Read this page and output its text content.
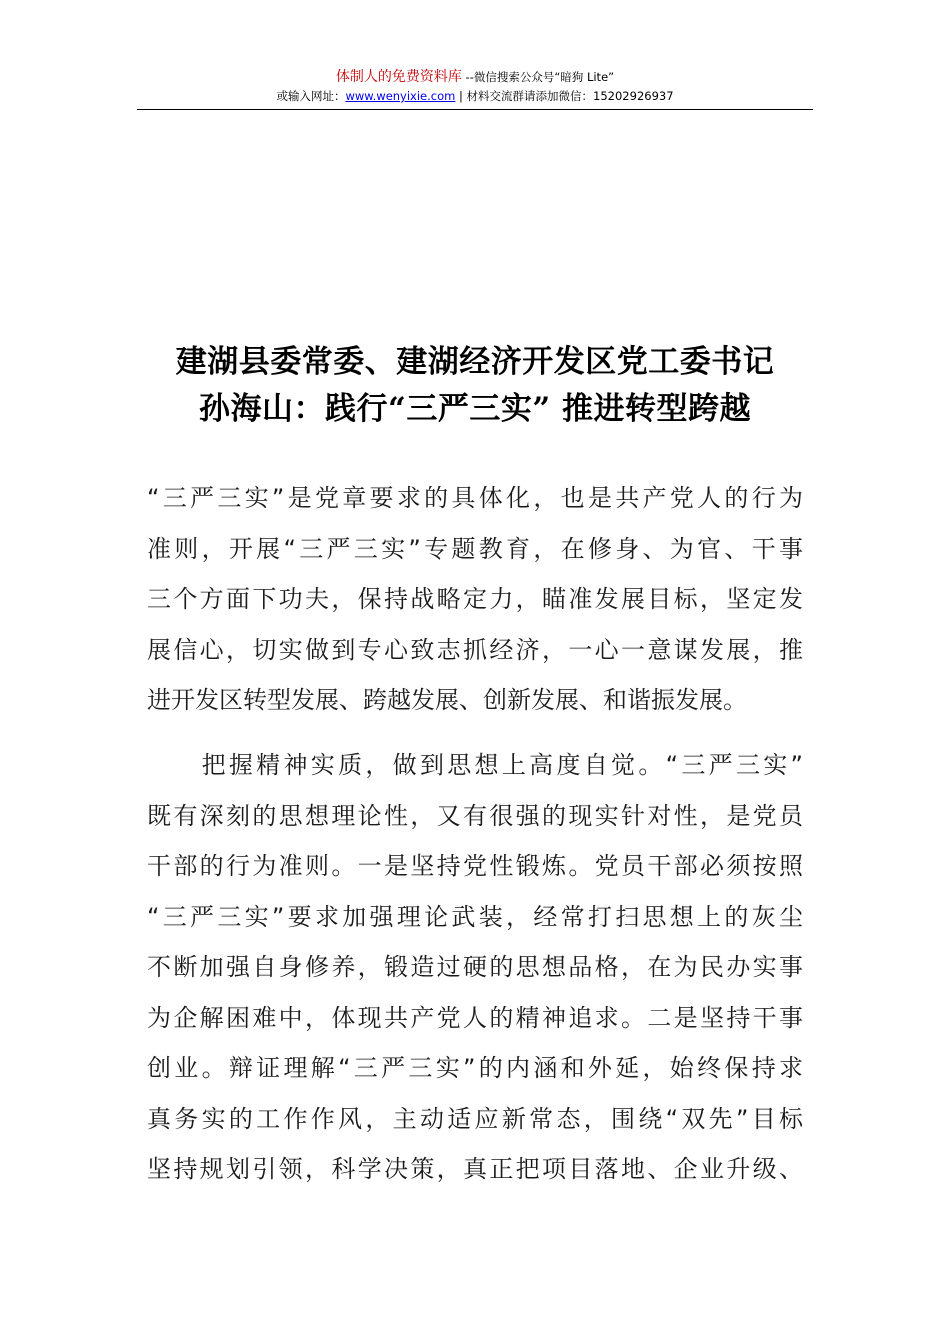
体制人的免费资料库 --微信搜索公众号“暗狗 Lite”
或输入网址：www.wenyixie.com | 材料交流群请添加微信：15202926937
建湖县委常委、建湖经济开发区党工委书记
孙海山：践行“三严三实” 推进转型跨越
“三严三实”是党章要求的具体化，也是共产党人的行为
准则，开展“三严三实”专题教育，在修身、为官、干事
三个方面下功夫，保持战略定力，瞄准发展目标，坚定发
展信心，切实做到专心致志抓经济，一心一意谋发展，推
进开发区转型发展、跨越发展、创新发展、和谐振发展。
　　把握精神实质，做到思想上高度自觉。“三严三实”
既有深刻的思想理论性，又有很强的现实针对性，是党员
干部的行为准则。一是坚持党性锻炼。党员干部必须按照
“三严三实”要求加强理论武装，经常打扫思想上的灰尘
不断加强自身修养，锻造过硬的思想品格，在为民办实事
为企解困难中，体现共产党人的精神追求。二是坚持干事
创业。辩证理解“三严三实”的内涵和外延，始终保持求
真务实的工作作风，主动适应新常态，围绕“双先”目标
坚持规划引领，科学决策，真正把项目落地、企业升级、
